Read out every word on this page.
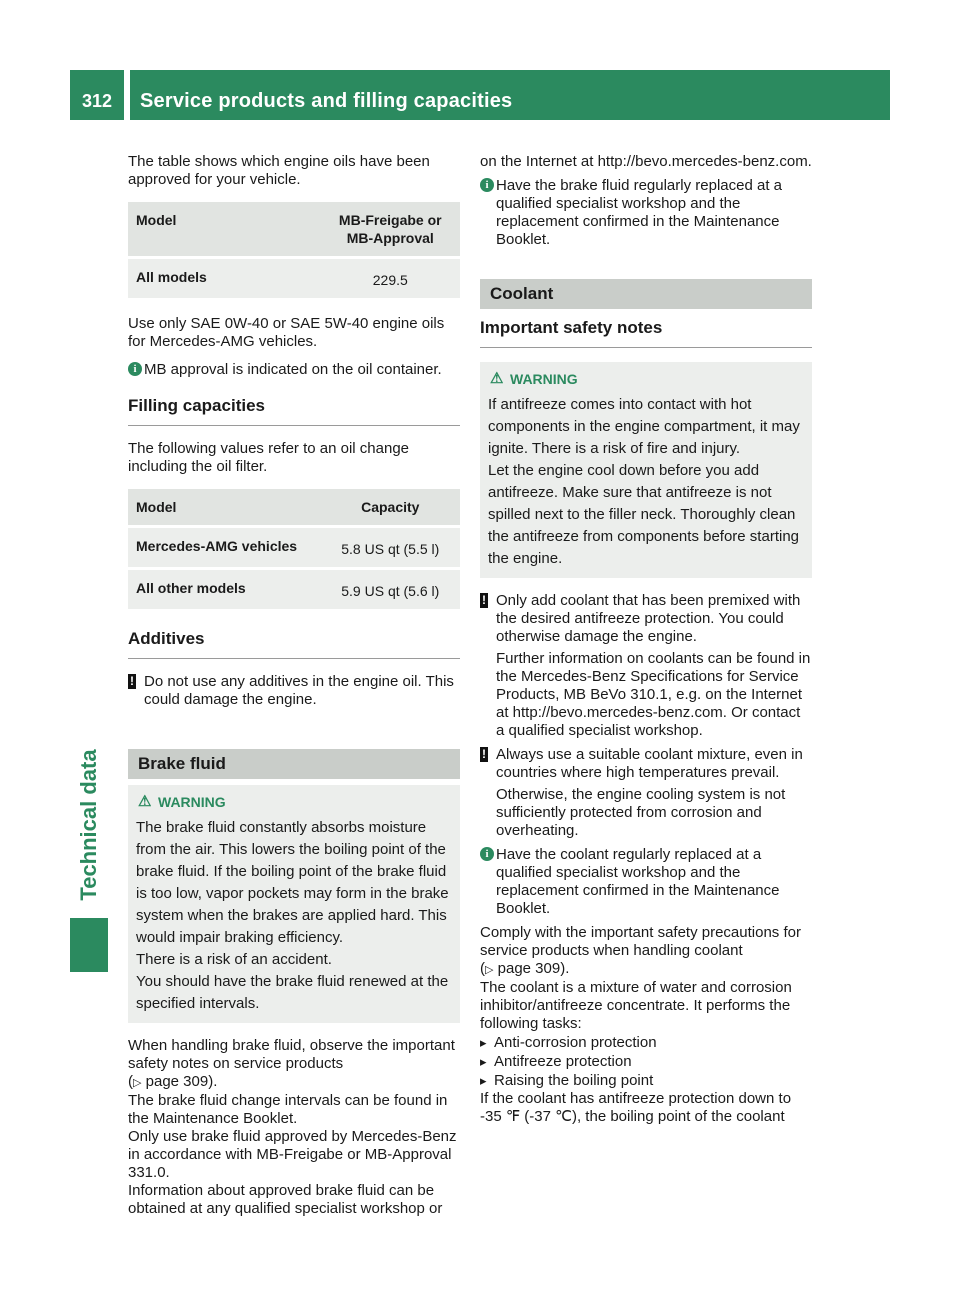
312	Service products and filling capacities
Technical data

The table shows which engine oils have been approved for your vehicle.

Model	MB-Freigabe or MB-Approval
All models	229.5

Use only SAE 0W-40 or SAE 5W-40 engine oils for Mercedes-AMG vehicles.

i MB approval is indicated on the oil container.
Filling capacities

The following values refer to an oil change including the oil filter.

Model	Capacity
Mercedes-AMG vehicles	5.8 US qt (5.5 l)
All other models	5.9 US qt (5.6 l)
Additives
! Do not use any additives in the engine oil. This could damage the engine.
Brake fluid
⚠ WARNING

The brake fluid constantly absorbs moisture from the air. This lowers the boiling point of the brake fluid. If the boiling point of the brake fluid is too low, vapor pockets may form in the brake system when the brakes are applied hard. This would impair braking efficiency.

There is a risk of an accident.

You should have the brake fluid renewed at the specified intervals.

When handling brake fluid, observe the important safety notes on service products
(▷ page 309).

The brake fluid change intervals can be found in the Maintenance Booklet.

Only use brake fluid approved by Mercedes-Benz in accordance with MB-Freigabe or MB-Approval 331.0.

Information about approved brake fluid can be obtained at any qualified specialist workshop or

on the Internet at http://bevo.mercedes-benz.com.

i Have the brake fluid regularly replaced at a qualified specialist workshop and the replacement confirmed in the Maintenance Booklet.
Coolant
Important safety notes
⚠ WARNING

If antifreeze comes into contact with hot components in the engine compartment, it may ignite. There is a risk of fire and injury.

Let the engine cool down before you add antifreeze. Make sure that antifreeze is not spilled next to the filler neck. Thoroughly clean the antifreeze from components before starting the engine.

! Only add coolant that has been premixed with the desired antifreeze protection. You could otherwise damage the engine.

Further information on coolants can be found in the Mercedes-Benz Specifications for Service Products, MB BeVo 310.1, e.g. on the Internet at http://bevo.mercedes-benz.com. Or contact a qualified specialist workshop.

! Always use a suitable coolant mixture, even in countries where high temperatures prevail.

Otherwise, the engine cooling system is not sufficiently protected from corrosion and overheating.

i Have the coolant regularly replaced at a qualified specialist workshop and the replacement confirmed in the Maintenance Booklet.

Comply with the important safety precautions for service products when handling coolant
(▷ page 309).

The coolant is a mixture of water and corrosion inhibitor/antifreeze concentrate. It performs the following tasks:

▸ Anti-corrosion protection
▸ Antifreeze protection
▸ Raising the boiling point

If the coolant has antifreeze protection down to -35 ℉ (-37 ℃), the boiling point of the coolant
